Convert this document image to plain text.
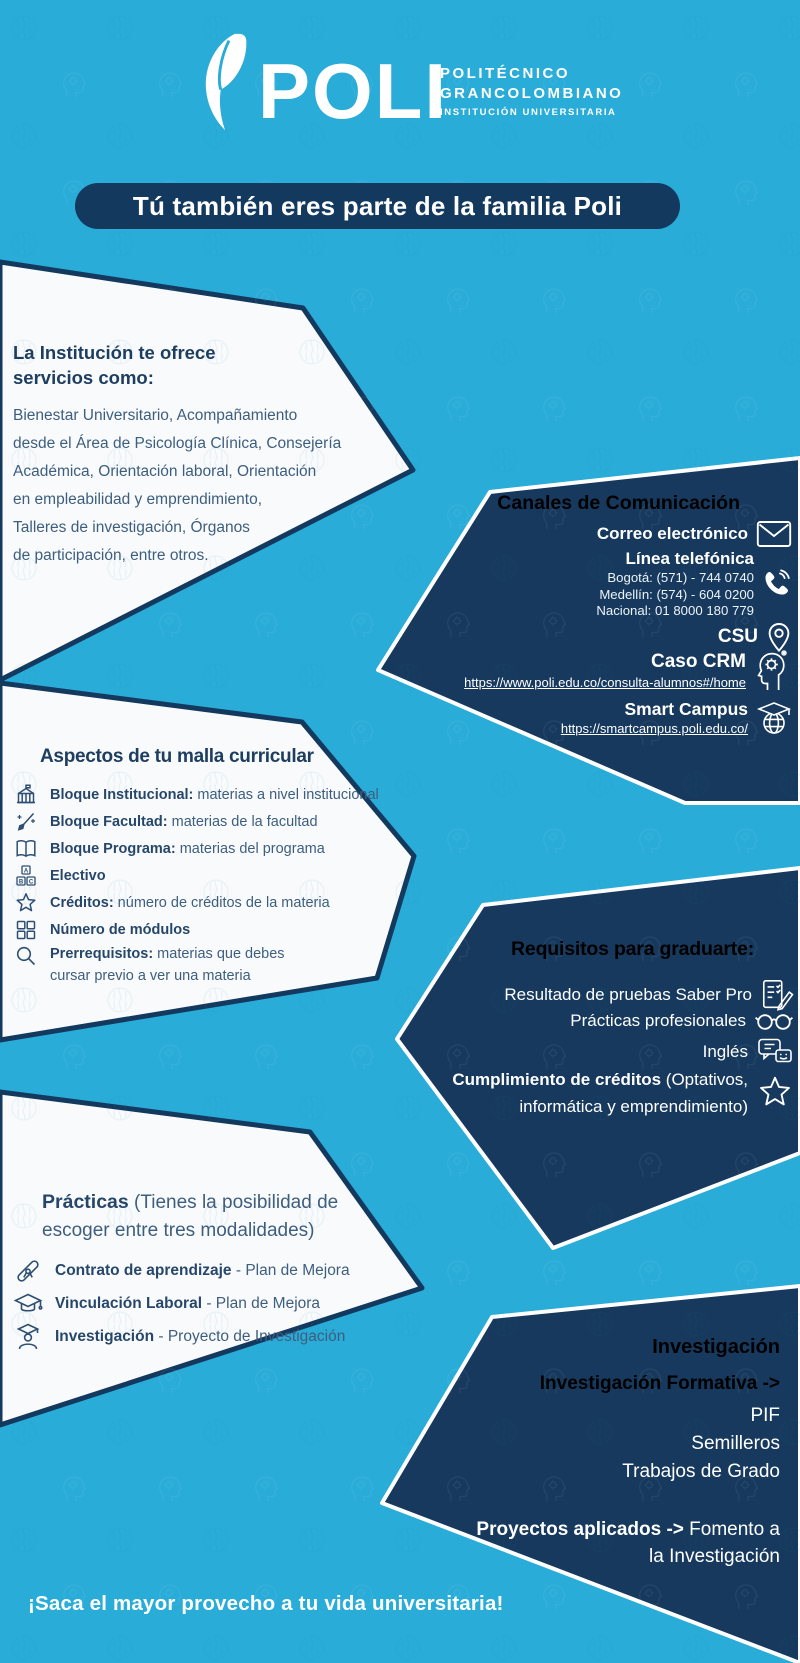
POLI
POLITÉCNICO
GRANCOLOMBIANO
INSTITUCIÓN UNIVERSITARIA
Tú también eres parte de la familia Poli
La Institución te ofrece
servicios como:
Bienestar Universitario, Acompañamiento
desde el Área de Psicología Clínica, Consejería
Académica, Orientación laboral, Orientación
en empleabilidad y emprendimiento,
Talleres de investigación, Órganos
de participación, entre otros.
Canales de Comunicación
Correo electrónico
Línea telefónica
Bogotá: (571) - 744 0740
Medellín: (574) - 604 0200
Nacional: 01 8000 180 779
CSU
Caso CRM
https://www.poli.edu.co/consulta-alumnos#/home
Smart Campus
https://smartcampus.poli.edu.co/
Aspectos de tu malla curricular
Bloque Institucional: materias a nivel institucional
Bloque Facultad: materias de la facultad
Bloque Programa: materias del programa
A
B C Electivo
Créditos: número de créditos de la materia
Número de módulos
Prerrequisitos: materias que debes
cursar previo a ver una materia
Requisitos para graduarte:
Resultado de pruebas Saber Pro
Prácticas profesionales
Inglés
Cumplimiento de créditos (Optativos,
informática y emprendimiento)
Prácticas (Tienes la posibilidad de
escoger entre tres modalidades)
Contrato de aprendizaje - Plan de Mejora
Vinculación Laboral - Plan de Mejora
Investigación - Proyecto de Investigación	Investigación
Investigación Formativa ->
PIF
Semilleros
Trabajos de Grado
Proyectos aplicados -> Fomento a
la Investigación
¡Saca el mayor provecho a tu vida universitaria!
